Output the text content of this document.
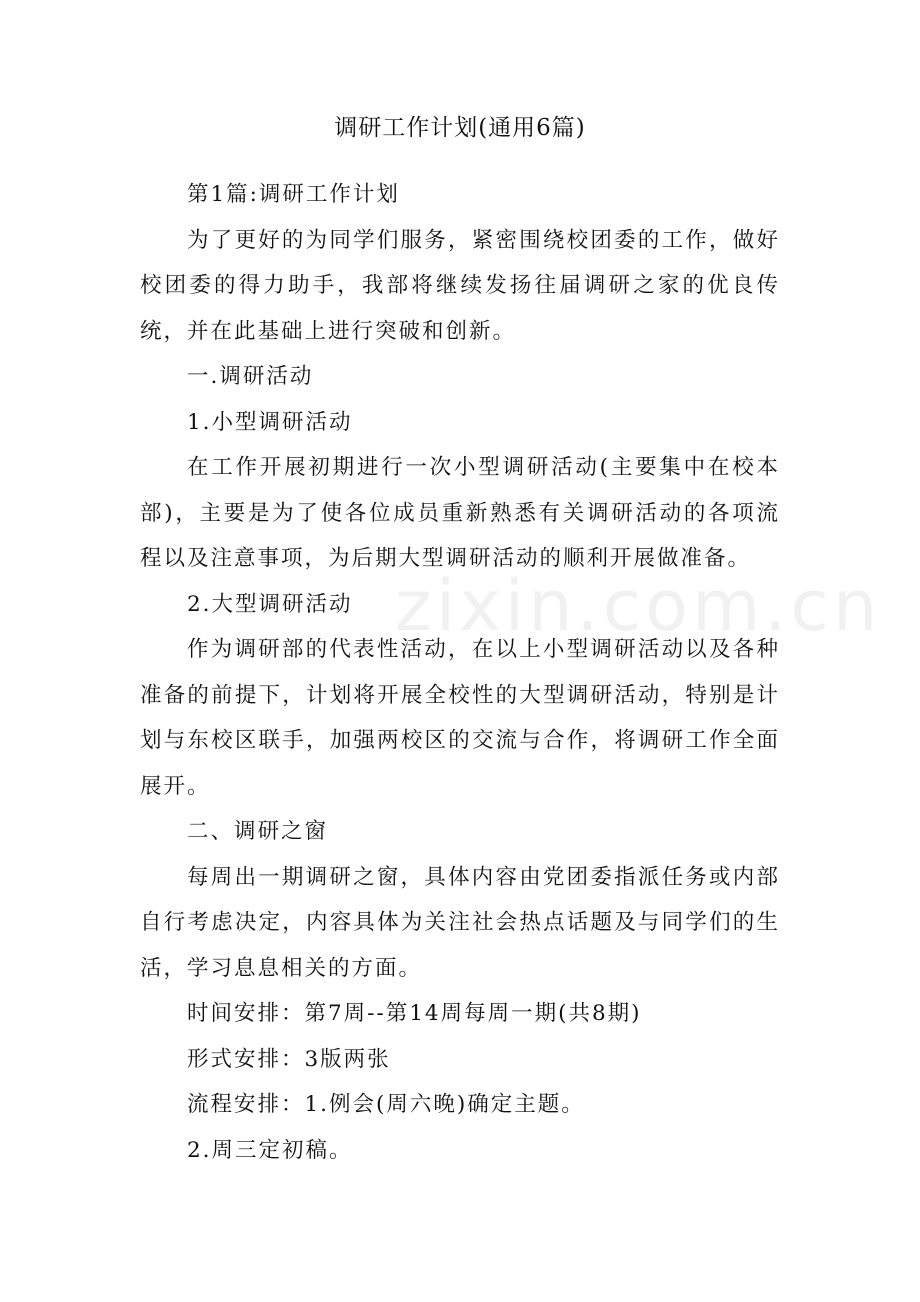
调研工作计划(通用6篇)

第1篇:调研工作计划

为了更好的为同学们服务，紧密围绕校团委的工作，做好校团委的得力助手，我部将继续发扬往届调研之家的优良传统，并在此基础上进行突破和创新。

一.调研活动

1.小型调研活动

在工作开展初期进行一次小型调研活动(主要集中在校本部)，主要是为了使各位成员重新熟悉有关调研活动的各项流程以及注意事项，为后期大型调研活动的顺利开展做准备。

2.大型调研活动

作为调研部的代表性活动，在以上小型调研活动以及各种准备的前提下，计划将开展全校性的大型调研活动，特别是计划与东校区联手，加强两校区的交流与合作，将调研工作全面展开。

二、调研之窗

每周出一期调研之窗，具体内容由党团委指派任务或内部自行考虑决定，内容具体为关注社会热点话题及与同学们的生活，学习息息相关的方面。

时间安排：第7周--第14周每周一期(共8期)

形式安排：3版两张

流程安排：1.例会(周六晚)确定主题。

2.周三定初稿。

zixin.com.cn
